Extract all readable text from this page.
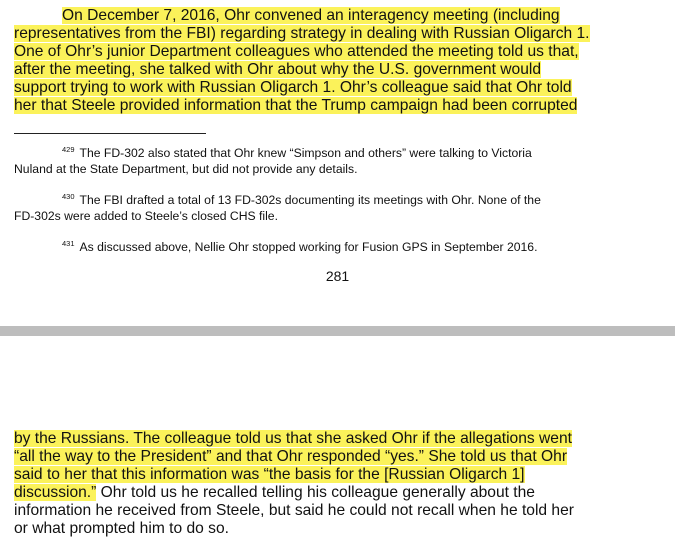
On December 7, 2016, Ohr convened an interagency meeting (including
representatives from the FBI) regarding strategy in dealing with Russian Oligarch 1.
One of Ohr’s junior Department colleagues who attended the meeting told us that,
after the meeting, she talked with Ohr about why the U.S. government would
support trying to work with Russian Oligarch 1. Ohr’s colleague said that Ohr told
her that Steele provided information that the Trump campaign had been corrupted
$^{429}$ The FD-302 also stated that Ohr knew “Simpson and others” were talking to Victoria
Nuland at the State Department, but did not provide any details.
$^{430}$ The FBI drafted a total of 13 FD-302s documenting its meetings with Ohr. None of the
FD-302s were added to Steele’s closed CHS file.
$^{431}$ As discussed above, Nellie Ohr stopped working for Fusion GPS in September 2016.
281
by the Russians. The colleague told us that she asked Ohr if the allegations went
“all the way to the President” and that Ohr responded “yes.” She told us that Ohr
said to her that this information was “the basis for the [Russian Oligarch 1]
discussion.” Ohr told us he recalled telling his colleague generally about the
information he received from Steele, but said he could not recall when he told her
or what prompted him to do so.
